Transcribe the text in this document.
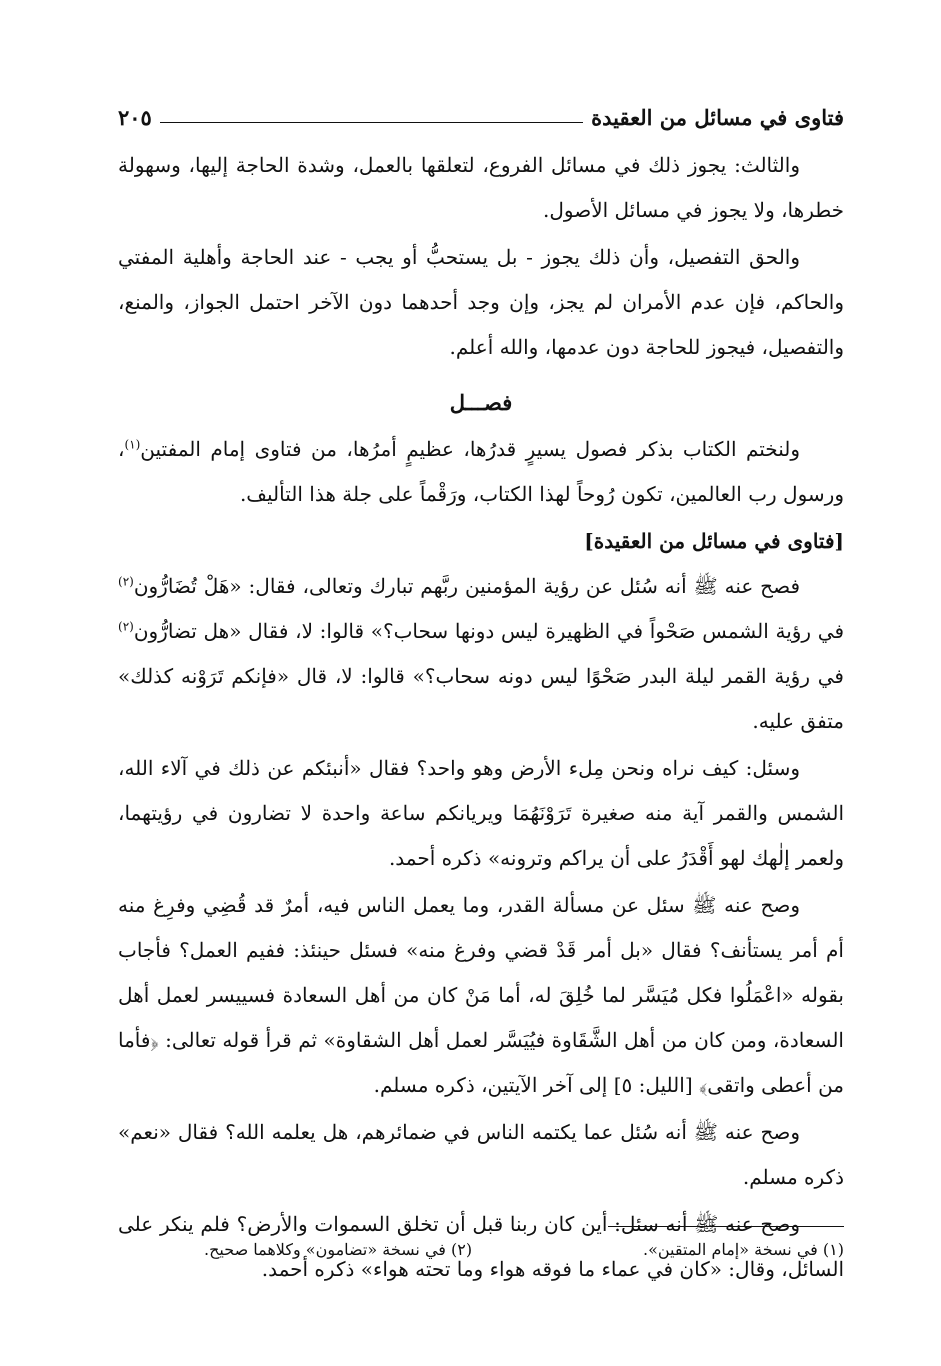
فتاوى في مسائل من العقيدة
٢٠٥

والثالث: يجوز ذلك في مسائل الفروع، لتعلقها بالعمل، وشدة الحاجة إليها، وسهولة خطرها، ولا يجوز في مسائل الأصول.

والحق التفصيل، وأن ذلك يجوز - بل يستحبُّ أو يجب - عند الحاجة وأهلية المفتي والحاكم، فإن عدم الأمران لم يجز، وإن وجد أحدهما دون الآخر احتمل الجواز، والمنع، والتفصيل، فيجوز للحاجة دون عدمها، والله أعلم.

فصـــل

ولنختم الكتاب بذكر فصول يسيرٍ قدرُها، عظيمٍ أمرُها، من فتاوى إمام المفتين$^{(١)}$، ورسول رب العالمين، تكون رُوحاً لهذا الكتاب، ورَقْماً على جلة هذا التأليف.

[فتاوى في مسائل من العقيدة]

فصح عنه ﷺ أنه سُئل عن رؤية المؤمنين ربَّهم تبارك وتعالى، فقال: «هَلْ تُضَارُّون$^{(٢)}$ في رؤية الشمس صَحْواً في الظهيرة ليس دونها سحاب؟» قالوا: لا، فقال «هل تضارُّون$^{(٢)}$ في رؤية القمر ليلة البدر صَحْوًا ليس دونه سحاب؟» قالوا: لا، قال «فإنكم تَرَوْنه كذلك» متفق عليه.

وسئل: كيف نراه ونحن مِلء الأرض وهو واحد؟ فقال «أنبئكم عن ذلك في آلاء الله، الشمس والقمر آية منه صغيرة تَرَوْنَهُمَا ويريانكم ساعة واحدة لا تضارون في رؤيتهما، ولعمر إلٰهك لهو أَقْدَرُ على أن يراكم وترونه» ذكره أحمد.

وصح عنه ﷺ سئل عن مسألة القدر، وما يعمل الناس فيه، أمرٌ قد قُضِي وفرِغ منه أم أمر يستأنف؟ فقال «بل أمر قَدْ قضي وفرغ منه» فسئل حينئذ: ففيم العمل؟ فأجاب بقوله «اعْمَلُوا فكل مُيَسَّر لما خُلِقَ له، أما مَنْ كان من أهل السعادة فسييسر لعمل أهل السعادة، ومن كان من أهل الشَّقَاوة فيُيَسَّر لعمل أهل الشقاوة» ثم قرأ قوله تعالى: ﴿فأما من أعطى واتقى﴾ [الليل: ٥] إلى آخر الآيتين، ذكره مسلم.

وصح عنه ﷺ أنه سُئل عما يكتمه الناس في ضمائرهم، هل يعلمه الله؟ فقال «نعم» ذكره مسلم.

وصح عنه ﷺ أنه سئل: أين كان ربنا قبل أن تخلق السموات والأرض؟ فلم ينكر على السائل، وقال: «كان في عماء ما فوقه هواء وما تحته هواء» ذكره أحمد.

(١) في نسخة «إمام المتقين».
(٢) في نسخة «تضامون» وكلاهما صحيح.
